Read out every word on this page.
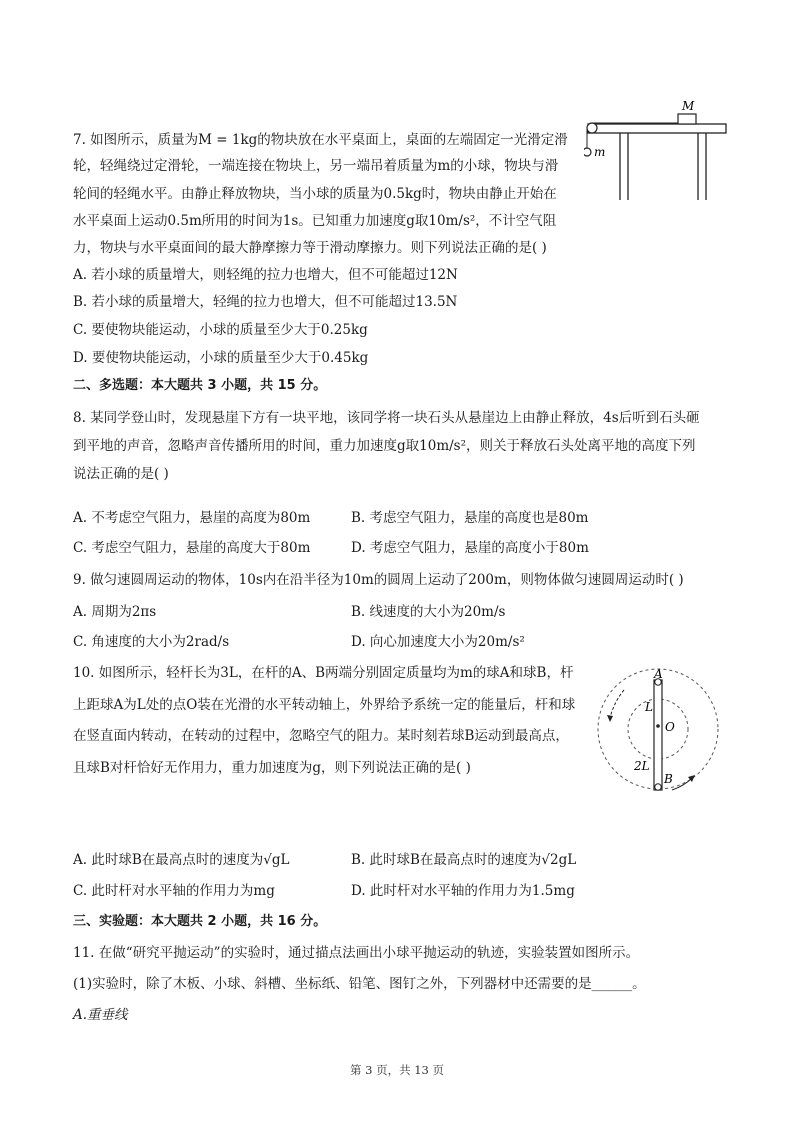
7. 如图所示，质量为M = 1kg的物块放在水平桌面上，桌面的左端固定一光滑定滑
轮，轻绳绕过定滑轮，一端连接在物块上，另一端吊着质量为m的小球，物块与滑
轮间的轻绳水平。由静止释放物块，当小球的质量为0.5kg时，物块由静止开始在
水平桌面上运动0.5m所用的时间为1s。已知重力加速度g取10m/s²，不计空气阻
力，物块与水平桌面间的最大静摩擦力等于滑动摩擦力。则下列说法正确的是( )
M
m
A. 若小球的质量增大，则轻绳的拉力也增大，但不可能超过12N
B. 若小球的质量增大，轻绳的拉力也增大，但不可能超过13.5N
C. 要使物块能运动，小球的质量至少大于0.25kg
D. 要使物块能运动，小球的质量至少大于0.45kg
二、多选题：本大题共 3 小题，共 15 分。
8. 某同学登山时，发现悬崖下方有一块平地，该同学将一块石头从悬崖边上由静止释放，4s后听到石头砸
到平地的声音，忽略声音传播所用的时间，重力加速度g取10m/s²，则关于释放石头处离平地的高度下列
说法正确的是( )
A. 不考虑空气阻力，悬崖的高度为80m	B. 考虑空气阻力，悬崖的高度也是80m
C. 考虑空气阻力，悬崖的高度大于80m	D. 考虑空气阻力，悬崖的高度小于80m
9. 做匀速圆周运动的物体，10s内在沿半径为10m的圆周上运动了200m，则物体做匀速圆周运动时( )
A. 周期为2πs	B. 线速度的大小为20m/s
C. 角速度的大小为2rad/s	D. 向心加速度大小为20m/s²
10. 如图所示，轻杆长为3L，在杆的A、B两端分别固定质量均为m的球A和球B，杆
上距球A为L处的点O装在光滑的水平转动轴上，外界给予系统一定的能量后，杆和球
在竖直面内转动，在转动的过程中，忽略空气的阻力。某时刻若球B运动到最高点，
且球B对杆恰好无作用力，重力加速度为g，则下列说法正确的是( )
A
B
O
L
2L
A. 此时球B在最高点时的速度为√gL	B. 此时球B在最高点时的速度为√2gL
C. 此时杆对水平轴的作用力为mg	D. 此时杆对水平轴的作用力为1.5mg
三、实验题：本大题共 2 小题，共 16 分。
11. 在做“研究平抛运动”的实验时，通过描点法画出小球平抛运动的轨迹，实验装置如图所示。
(1)实验时，除了木板、小球、斜槽、坐标纸、铅笔、图钉之外，下列器材中还需要的是______。
A.重垂线
第 3 页，共 13 页
